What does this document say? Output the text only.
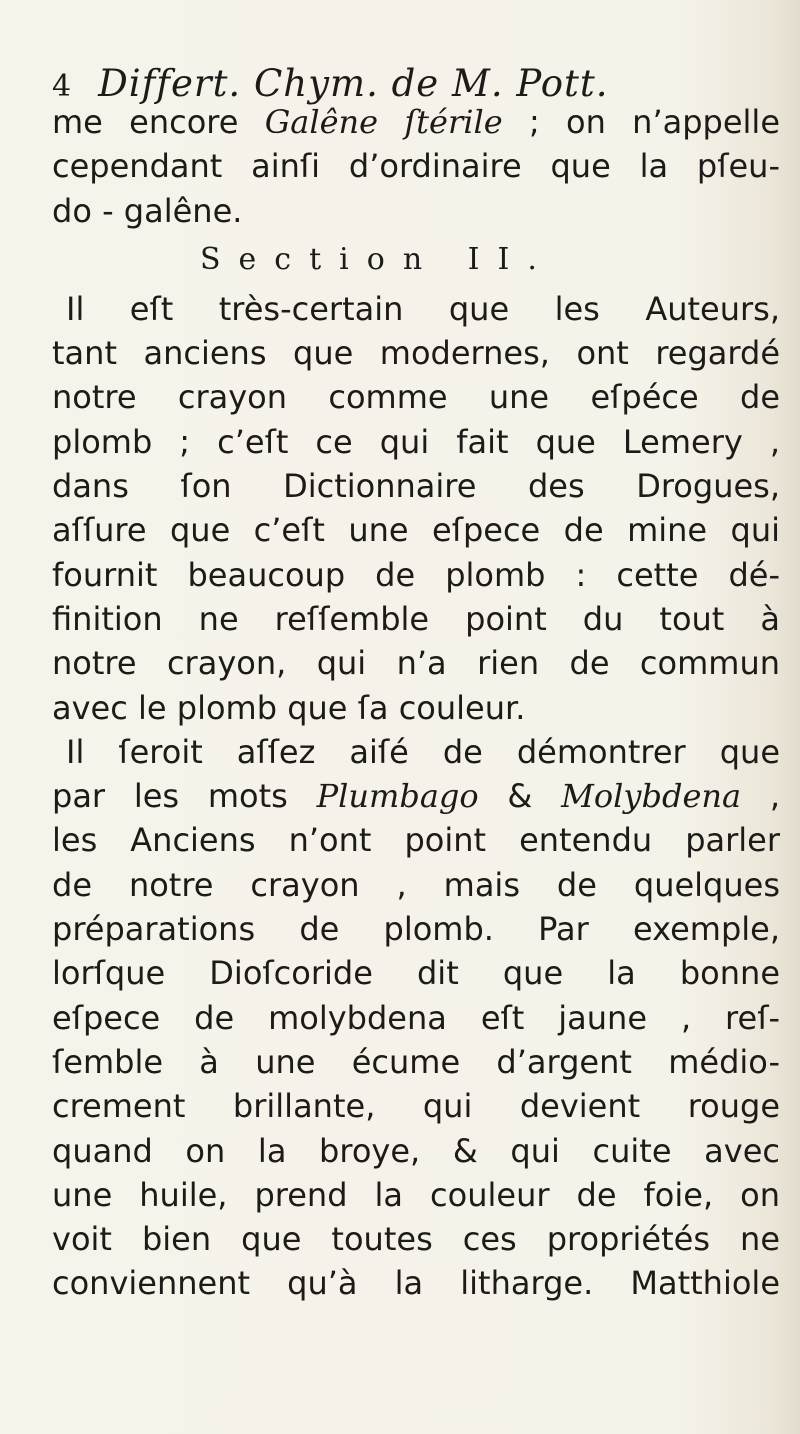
4 Differt. Chym. de M. Pott.
me encore Galêne ſtérile ; on n’appelle
cependant ainſi d’ordinaire que la pſeu-
do - galêne.
Section II.
Il eſt très-certain que les Auteurs,
tant anciens que modernes, ont regardé
notre crayon comme une eſpéce de
plomb ; c’eſt ce qui fait que Lemery ,
dans ſon Dictionnaire des Drogues,
aſſure que c’eſt une eſpece de mine qui
fournit beaucoup de plomb : cette dé-
finition ne reſſemble point du tout à
notre crayon, qui n’a rien de commun
avec le plomb que ſa couleur.
Il ſeroit aſſez aiſé de démontrer que
par les mots Plumbago & Molybdena ,
les Anciens n’ont point entendu parler
de notre crayon , mais de quelques
préparations de plomb. Par exemple,
lorſque Dioſcoride dit que la bonne
eſpece de molybdena eſt jaune , reſ-
ſemble à une écume d’argent médio-
crement brillante, qui devient rouge
quand on la broye, & qui cuite avec
une huile, prend la couleur de foie, on
voit bien que toutes ces propriétés ne
conviennent qu’à la litharge. Matthiole
